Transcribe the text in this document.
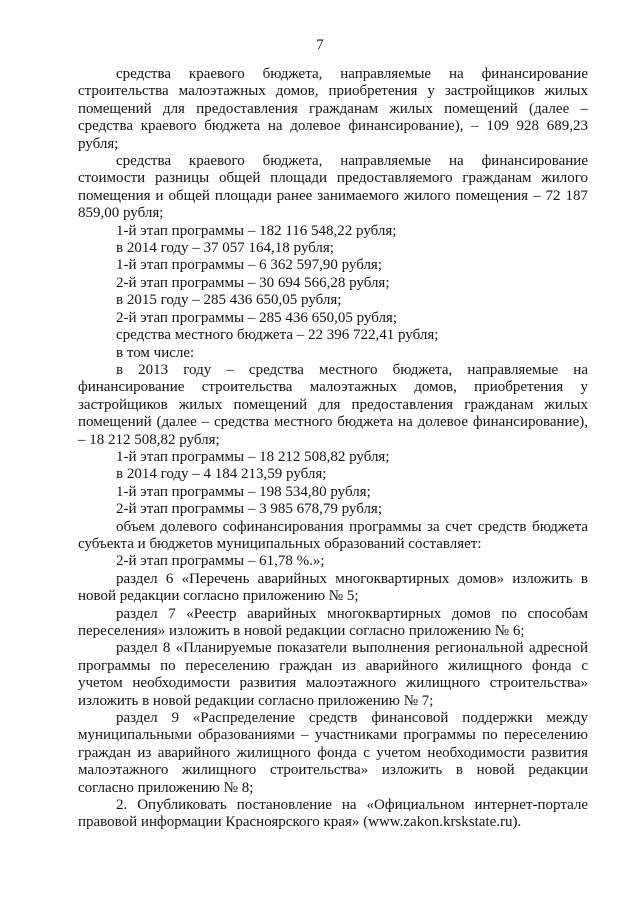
7

средства краевого бюджета, направляемые на финансирование строительства малоэтажных домов, приобретения у застройщиков жилых помещений для предоставления гражданам жилых помещений (далее – средства краевого бюджета на долевое финансирование), – 109 928 689,23 рубля;

средства краевого бюджета, направляемые на финансирование стоимости разницы общей площади предоставляемого гражданам жилого помещения и общей площади ранее занимаемого жилого помещения – 72 187 859,00 рубля;

1-й этап программы – 182 116 548,22 рубля;

в 2014 году – 37 057 164,18 рубля;

1-й этап программы – 6 362 597,90 рубля;

2-й этап программы – 30 694 566,28 рубля;

в 2015 году – 285 436 650,05 рубля;

2-й этап программы – 285 436 650,05 рубля;

средства местного бюджета – 22 396 722,41 рубля;

в том числе:

в 2013 году – средства местного бюджета, направляемые на финансирование строительства малоэтажных домов, приобретения у застройщиков жилых помещений для предоставления гражданам жилых помещений (далее – средства местного бюджета на долевое финансирование), – 18 212 508,82 рубля;

1-й этап программы – 18 212 508,82 рубля;

в 2014 году – 4 184 213,59 рубля;

1-й этап программы – 198 534,80 рубля;

2-й этап программы – 3 985 678,79 рубля;

объем долевого софинансирования программы за счет средств бюджета субъекта и бюджетов муниципальных образований составляет:

2-й этап программы – 61,78 %.»;

раздел 6 «Перечень аварийных многоквартирных домов» изложить в новой редакции согласно приложению № 5;

раздел 7 «Реестр аварийных многоквартирных домов по способам переселения» изложить в новой редакции согласно приложению № 6;

раздел 8 «Планируемые показатели выполнения региональной адресной программы по переселению граждан из аварийного жилищного фонда с учетом необходимости развития малоэтажного жилищного строительства» изложить в новой редакции согласно приложению № 7;

раздел 9 «Распределение средств финансовой поддержки между муниципальными образованиями – участниками программы по переселению граждан из аварийного жилищного фонда с учетом необходимости развития малоэтажного жилищного строительства» изложить в новой редакции согласно приложению № 8;

2. Опубликовать постановление на «Официальном интернет-портале правовой информации Красноярского края» (www.zakon.krskstate.ru).
